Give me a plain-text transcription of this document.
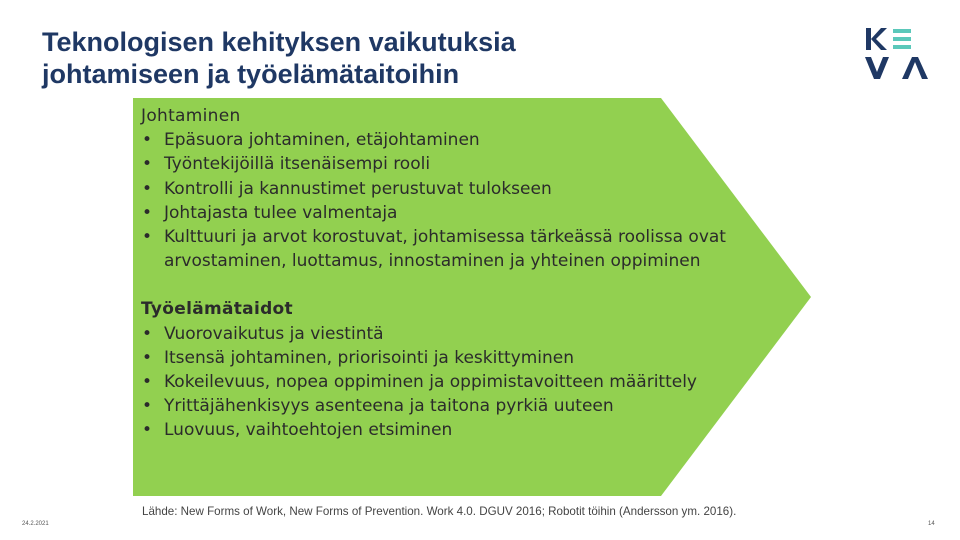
Teknologisen kehityksen vaikutuksia
johtamiseen ja työelämätaitoihin
Johtaminen
• Epäsuora johtaminen, etäjohtaminen
• Työntekijöillä itsenäisempi rooli
• Kontrolli ja kannustimet perustuvat tulokseen
• Johtajasta tulee valmentaja
• Kulttuuri ja arvot korostuvat, johtamisessa tärkeässä roolissa ovat arvostaminen, luottamus, innostaminen ja yhteinen oppiminen
Työelämätaidot
• Vuorovaikutus ja viestintä
• Itsensä johtaminen, priorisointi ja keskittyminen
• Kokeilevuus, nopea oppiminen ja oppimistavoitteen määrittely
• Yrittäjähenkisyys asenteena ja taitona pyrkiä uuteen
• Luovuus, vaihtoehtojen etsiminen
Lähde: New Forms of Work, New Forms of Prevention. Work 4.0. DGUV 2016; Robotit töihin (Andersson ym. 2016).
24.2.2021	14
